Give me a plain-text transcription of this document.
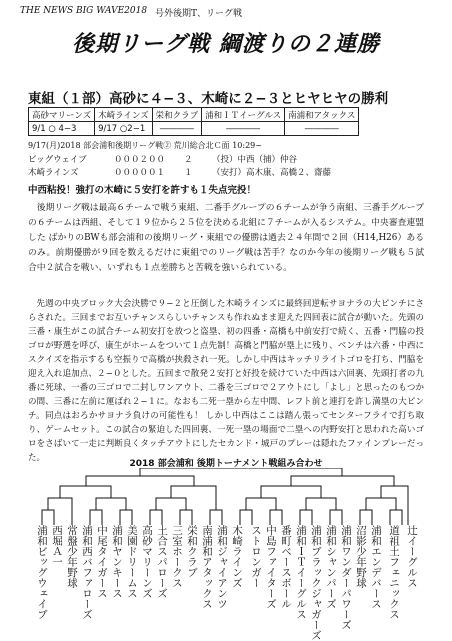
THE NEWS BIG WAVE2018 号外後期T、リーグ戦
後期リーグ戦 綱渡りの２連勝
東組（１部）高砂に４−３、木崎に２−３とヒヤヒヤの勝利
高砂マリーンズ	木崎ラインズ	栄和クラブ	浦和ＩＴイーグルス	南浦和アタックス
9/1 ○ 4−3	9/17 ○2−1	――――	――――	――――
9/17(月)2018 部会浦和後期リーグ戦② 荒川総合北Ｃ面 10:29~
ビッグウェイブ	０００２００ ２ （投）中西（捕）仲谷
木崎ラインズ	０００００１ １ （安打）高木康、高橋２、齋藤
中西粘投！強打の木崎に５安打を許すも１失点完投！
後期リーグ戦は最高６チームで戦う東組、二番手グループの６チームが争う南組、三番手グループの６チームは西組、そして１９位から２５位を決める北組に７チームが入るシステム。中央審査連盟した ばかりのBWも部会浦和の後期リーグ・東組での優勝は過去２４年間で２回（H14,H26）あるのみ。前期優勝が９回を数えるだけに東組でのリーグ戦は苦手？なのか今年の後期リーグ戦も５試合中２試合を戦い、いずれも１点差勝ちと苦戦を強いられている。
先週の中央ブロック大会決勝で９−２と圧倒した木崎ラインズに最終回逆転サヨナラの大ピンチにさらされた。三回までお互いチャンスらしいチャンスも作れぬまま迎えた四回表に試合が動いた。先頭の三番・康生がこの試合チーム初安打を放つと盗塁、初の四番・高橋も中前安打で続く、五番・門脇の投ゴロが野選を呼び、康生がホームをついて１点先制！高橋と門脇が塁上に残り、ベンチは六番・中西にスクイズを指示するも空振りで高橋が挟殺され一死。しかし中西はキッチリライトゴロを打ち、門脇を迎え入れ追加点、２−０とした。五回まで散発２安打と好投を続けていた中西は六回裏、先頭打者の九番に死球、一番の三ゴロで二封しワンアウト、二番を三ゴロで２アウトにし「よし」と思ったのもつかの間、三番に左前に運ばれ２−１に。なおも二死一塁から左中間、レフト前と連打を許し満塁の大ピンチ。同点はおろかサヨナラ負けの可能性も！ しかし中西はここは踏ん張ってセンターフライで打ち取り、ゲームセット。この試合の緊迫した四回裏、一死一塁の場面で二塁への内野安打と思われた高いゴロをさばいて一走に判断良くタッチアウトにしたセカンド・城戸のプレーは隠れたファインプレーだった。
2018 部会浦和 後期トーナメント戦組み合わせ
浦和ビッグウェイブ 西堀Ａ一 常盤少年野球 浦和西バファローズ 中尾タイガース 浦和ヤンキース 美園ドリームス 高砂マリーンズ 土合スパローズ 三室ホークス 栄和クラブ 南浦和アタックス 浦和ジャイアンツ 木崎ラインズ ストロンガー 中島ファイターズ 番町ベースボール 浦和ＩＴイーグルス 浦和ブラックジャガーズ 浦和シャンパーズ 浦和ワンダーパワーズ 沼影少年野球 浦和エンデバース 道祖土フェニックス 辻イーグルス
